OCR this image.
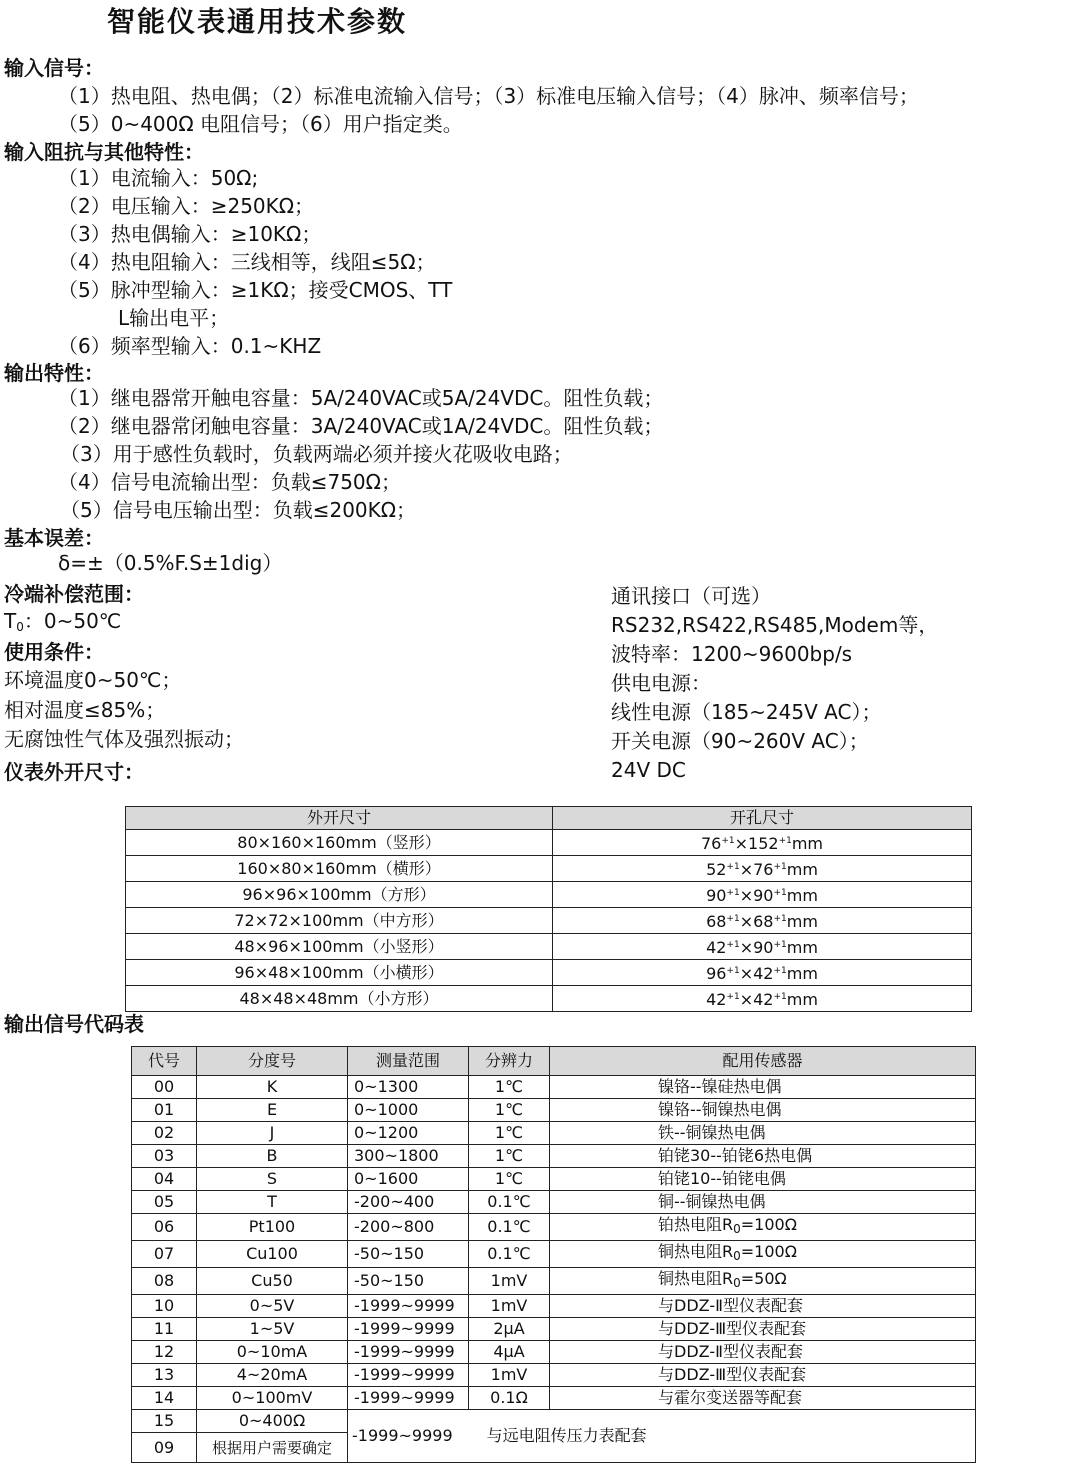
智能仪表通用技术参数
输入信号：
（1）热电阻、热电偶；（2）标准电流输入信号；（3）标准电压输入信号；（4）脉冲、频率信号；
（5）0~400Ω 电阻信号；（6）用户指定类。
输入阻抗与其他特性：
（1）电流输入：50Ω;
（2）电压输入：≥250KΩ；
（3）热电偶输入：≥10KΩ；
（4）热电阻输入：三线相等，线阻≤5Ω；
（5）脉冲型输入：≥1KΩ；接受CMOS、TT
L输出电平；
（6）频率型输入：0.1~KHZ
输出特性：
（1）继电器常开触电容量：5A/240VAC或5A/24VDC。阻性负载；
（2）继电器常闭触电容量：3A/240VAC或1A/24VDC。阻性负载；
（3）用于感性负载时，负载两端必须并接火花吸收电路；
（4）信号电流输出型：负载≤750Ω；
（5）信号电压输出型：负载≤200KΩ；
基本误差：
δ=±（0.5%F.S±1dig）
冷端补偿范围：
$T_0$：0~50℃
使用条件：
环境温度0~50℃；
相对温度≤85%；
无腐蚀性气体及强烈振动；
仪表外开尺寸：
通讯接口（可选）
RS232,RS422,RS485,Modem等，
波特率：1200~9600bp/s
供电电源：
线性电源（185~245V AC）；
开关电源（90~260V AC）；
24V DC
外开尺寸	开孔尺寸
80×160×160mm（竖形）	$76^{+1}\times 152^{+1}mm$
160×80×160mm（横形）	$52^{+1}\times 76^{+1}mm$
96×96×100mm（方形）	$90^{+1}\times 90^{+1}mm$
72×72×100mm（中方形）	$68^{+1}\times 68^{+1}mm$
48×96×100mm（小竖形）	$42^{+1}\times 90^{+1}mm$
96×48×100mm（小横形）	$96^{+1}\times 42^{+1}mm$
48×48×48mm（小方形）	$42^{+1}\times 42^{+1}mm$
输出信号代码表
代号	分度号	测量范围	分辨力	配用传感器
00	K	0~1300	1℃	镍铬--镍硅热电偶
01	E	0~1000	1℃	镍铬--铜镍热电偶
02	J	0~1200	1℃	铁--铜镍热电偶
03	B	300~1800	1℃	铂铑30--铂铑6热电偶
04	S	0~1600	1℃	铂铑10--铂铑电偶
05	T	-200~400	0.1℃	铜--铜镍热电偶
06	Pt100	-200~800	0.1℃	铂热电阻$R_0=100\Omega$
07	Cu100	-50~150	0.1℃	铜热电阻$R_0=100\Omega$
08	Cu50	-50~150	1mV	铜热电阻$R_0=50\Omega$
10	0~5V	-1999~9999	1mV	与DDZ-Ⅱ型仪表配套
11	1~5V	-1999~9999	2μA	与DDZ-Ⅲ型仪表配套
12	0~10mA	-1999~9999	4μA	与DDZ-Ⅱ型仪表配套
13	4~20mA	-1999~9999	1mV	与DDZ-Ⅲ型仪表配套
14	0~100mV	-1999~9999	0.1Ω	与霍尔变送器等配套
15	0~400Ω	-1999~9999 与远电阻传压力表配套		
09	根据用户需要确定			
